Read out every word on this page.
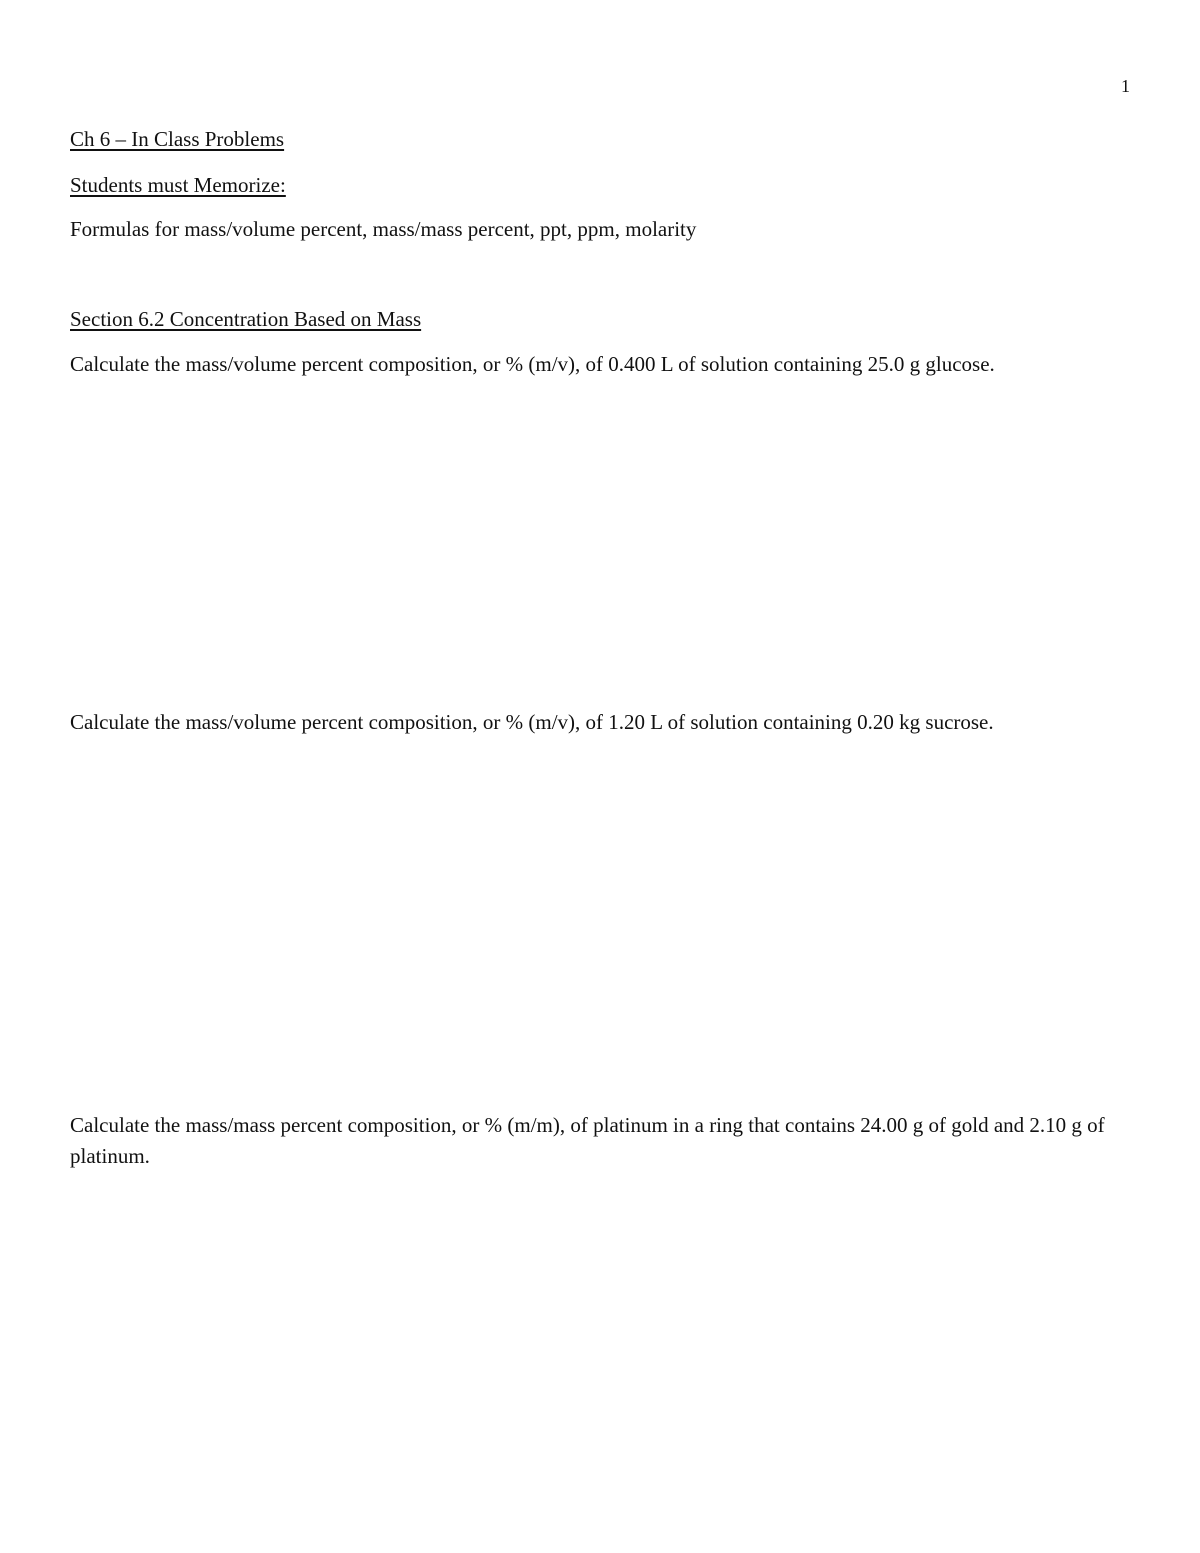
1
Ch 6 – In Class Problems
Students must Memorize:
Formulas for mass/volume percent, mass/mass percent, ppt, ppm, molarity
Section 6.2 Concentration Based on Mass
Calculate the mass/volume percent composition, or % (m/v), of 0.400 L of solution containing 25.0 g glucose.
Calculate the mass/volume percent composition, or % (m/v), of 1.20 L of solution containing 0.20 kg sucrose.
Calculate the mass/mass percent composition, or % (m/m), of platinum in a ring that contains 24.00 g of gold and 2.10 g of platinum.
